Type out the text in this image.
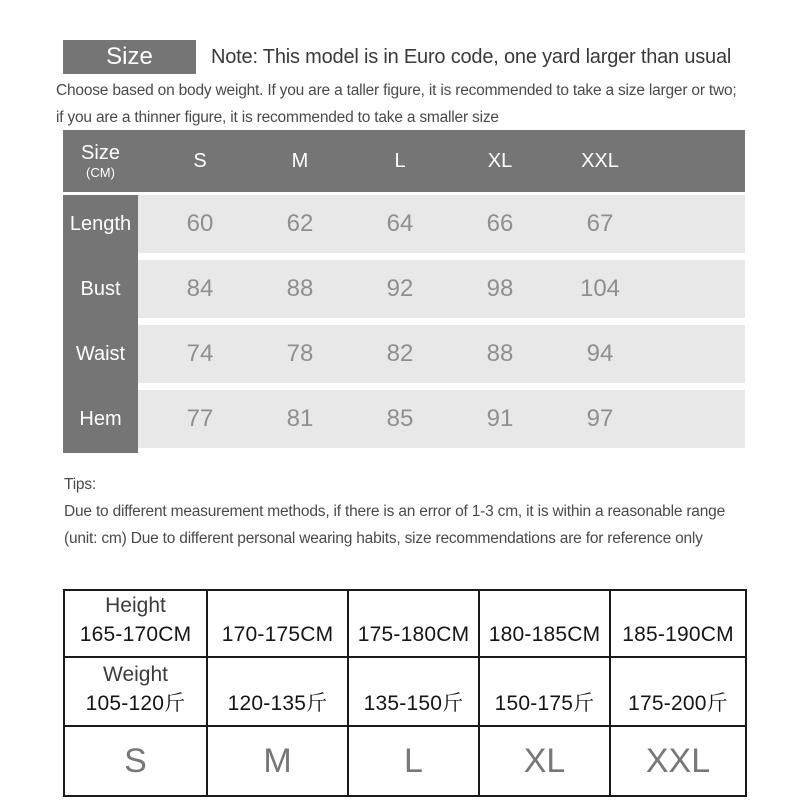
Size	Note: This model is in Euro code, one yard larger than usual
Choose based on body weight. If you are a taller figure, it is recommended to take a size larger or two;
if you are a thinner figure, it is recommended to take a smaller size
Size
(CM)
S	M	L	XL	XXL
Length	60	62	64	66	67
Bust	84	88	92	98	104
Waist	74	78	82	88	94
Hem	77	81	85	91	97
Tips:
Due to different measurement methods, if there is an error of 1-3 cm, it is within a reasonable range
(unit: cm) Due to different personal wearing habits, size recommendations are for reference only
Height
165-170CM	170-175CM	175-180CM	180-185CM	185-190CM

Weight
105-120斤	120-135斤	135-150斤	150-175斤	175-200斤

S	M	L	XL	XXL
